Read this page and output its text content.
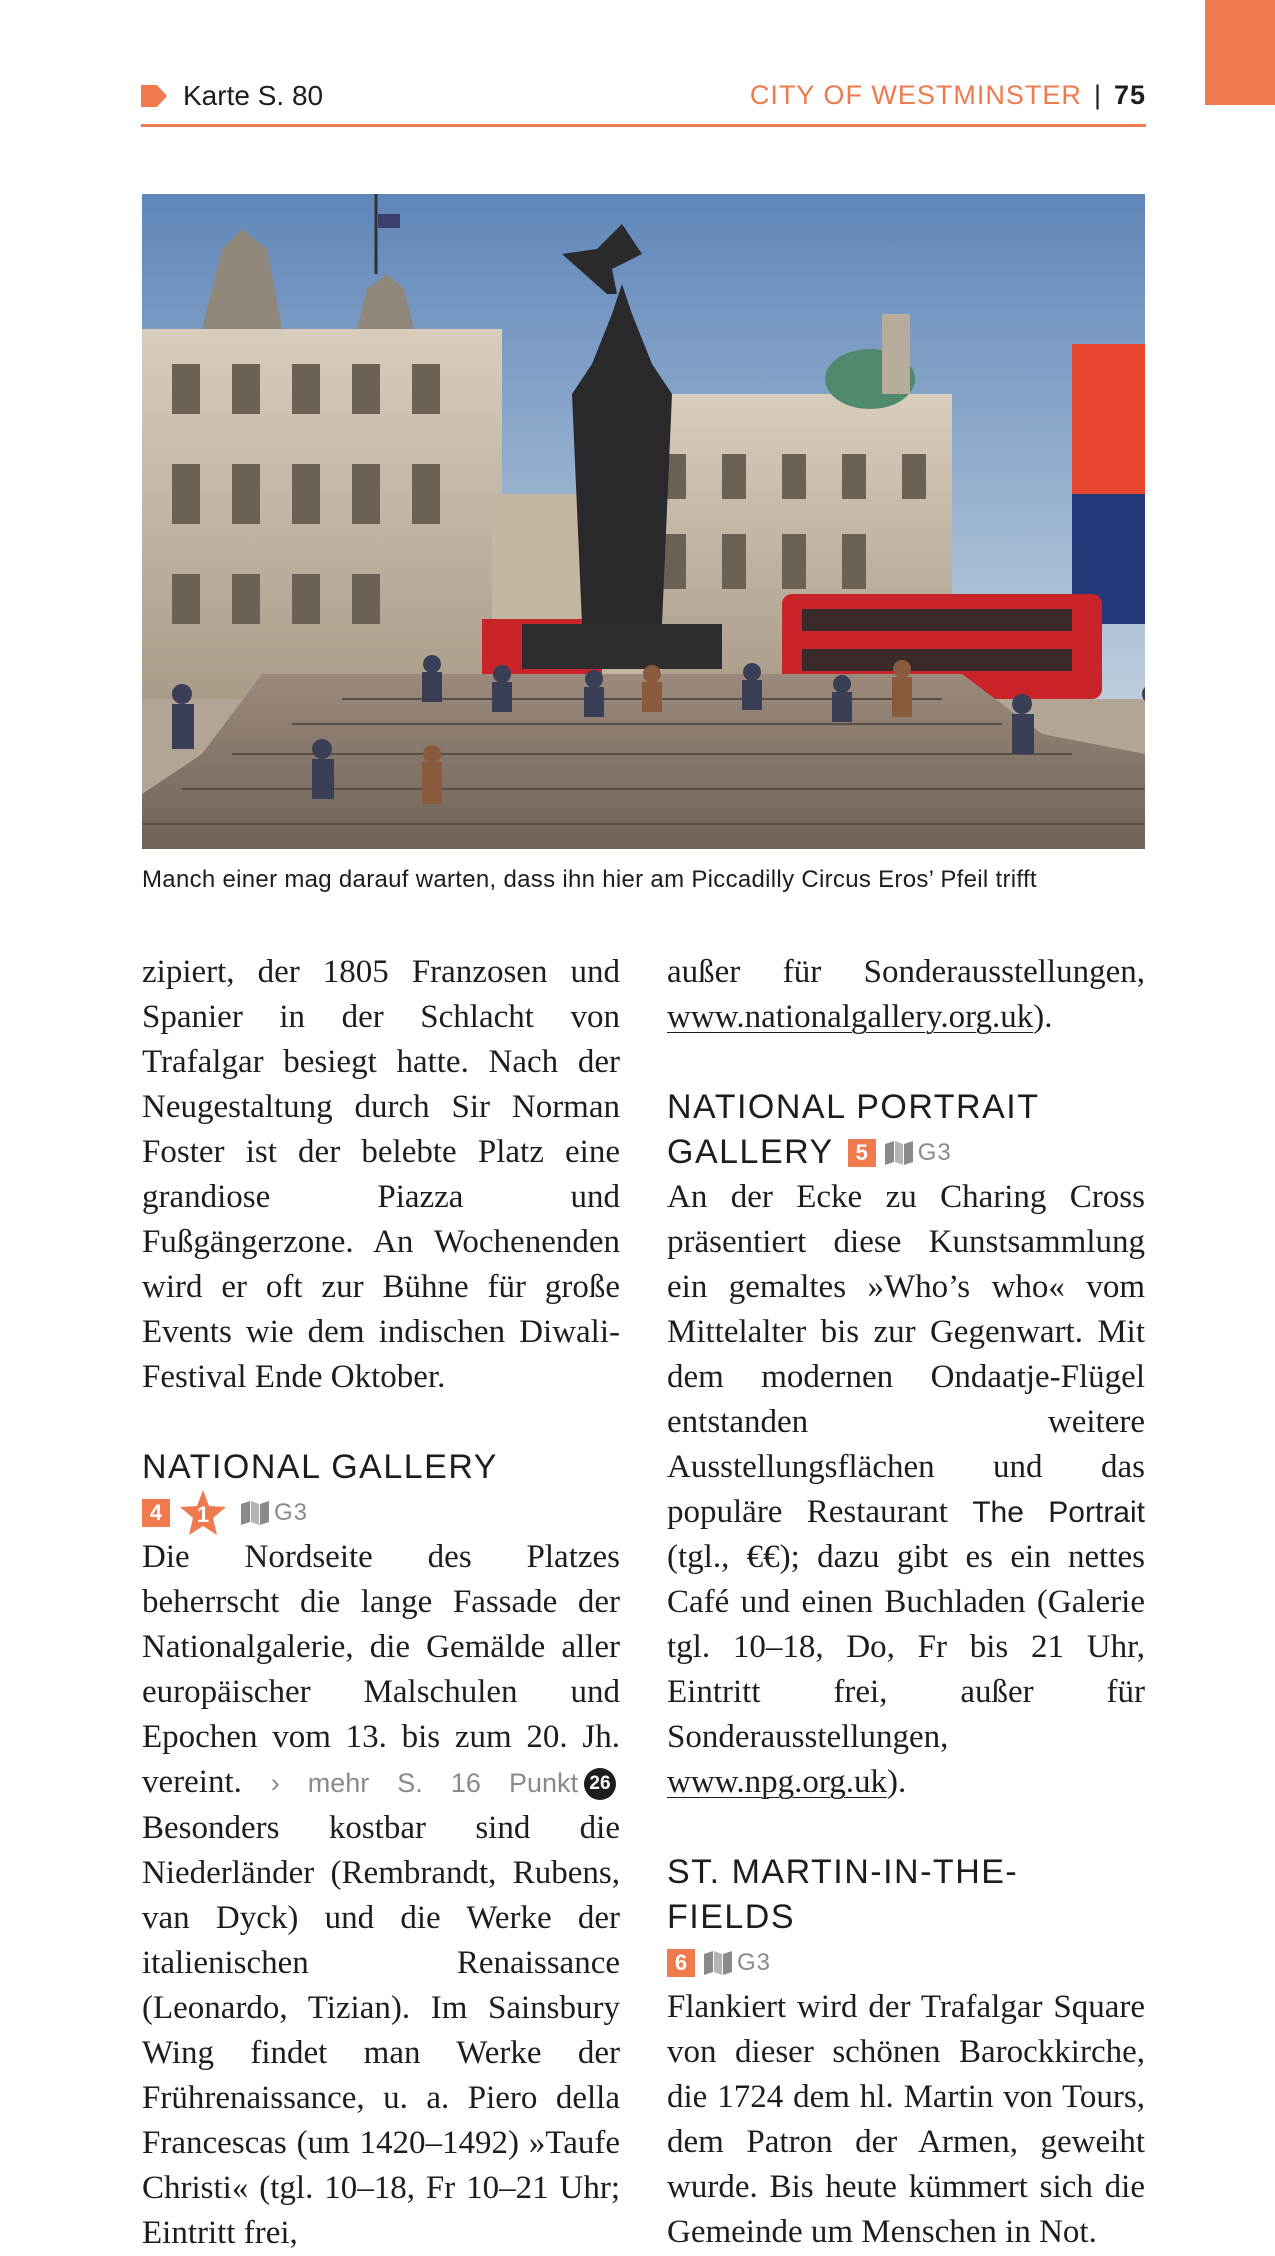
Karte S. 80	CITY OF WESTMINSTER | 75
Manch einer mag darauf warten, dass ihn hier am Piccadilly Circus Eros’ Pfeil trifft

zipiert, der 1805 Franzosen und Spanier in der Schlacht von Trafalgar besiegt hatte. Nach der Neugestaltung durch Sir Norman Foster ist der belebte Platz eine grandiose Piazza und Fußgängerzone. An Wochenenden wird er oft zur Bühne für große Events wie dem indischen Diwali-Festival Ende Oktober.

NATIONAL GALLERY
4	1	G3

Die Nordseite des Platzes beherrscht die lange Fassade der Nationalgalerie, die Gemälde aller europäischer Malschulen und Epochen vom 13. bis zum 20. Jh. vereint. › mehr S. 16 Punkt 26Besonders kostbar sind die Niederländer (Rembrandt, Rubens, van Dyck) und die Werke der italienischen Renaissance (Leonardo, Tizian). Im Sainsbury Wing findet man Werke der Frührenaissance, u. a. Piero della Francescas (um 1420–1492) »Taufe Christi« (tgl. 10–18, Fr 10–21 Uhr; Eintritt frei,

außer für Sonderausstellungen, www.nationalgallery.org.uk).

NATIONAL PORTRAIT
GALLERY 5	G3

An der Ecke zu Charing Cross präsentiert diese Kunstsammlung ein gemaltes »Who’s who« vom Mittelalter bis zur Gegenwart. Mit dem modernen Ondaatje-Flügel entstanden weitere Ausstellungsflächen und das populäre Restaurant The Portrait (tgl., €€); dazu gibt es ein nettes Café und einen Buchladen (Galerie tgl. 10–18, Do, Fr bis 21 Uhr, Eintritt frei, außer für Sonderausstellungen, www.npg.org.uk).

ST. MARTIN-IN-THE-FIELDS
6	G3

Flankiert wird der Trafalgar Square von dieser schönen Barockkirche, die 1724 dem hl. Martin von Tours, dem Patron der Armen, geweiht wurde. Bis heute kümmert sich die Gemeinde um Menschen in Not.
